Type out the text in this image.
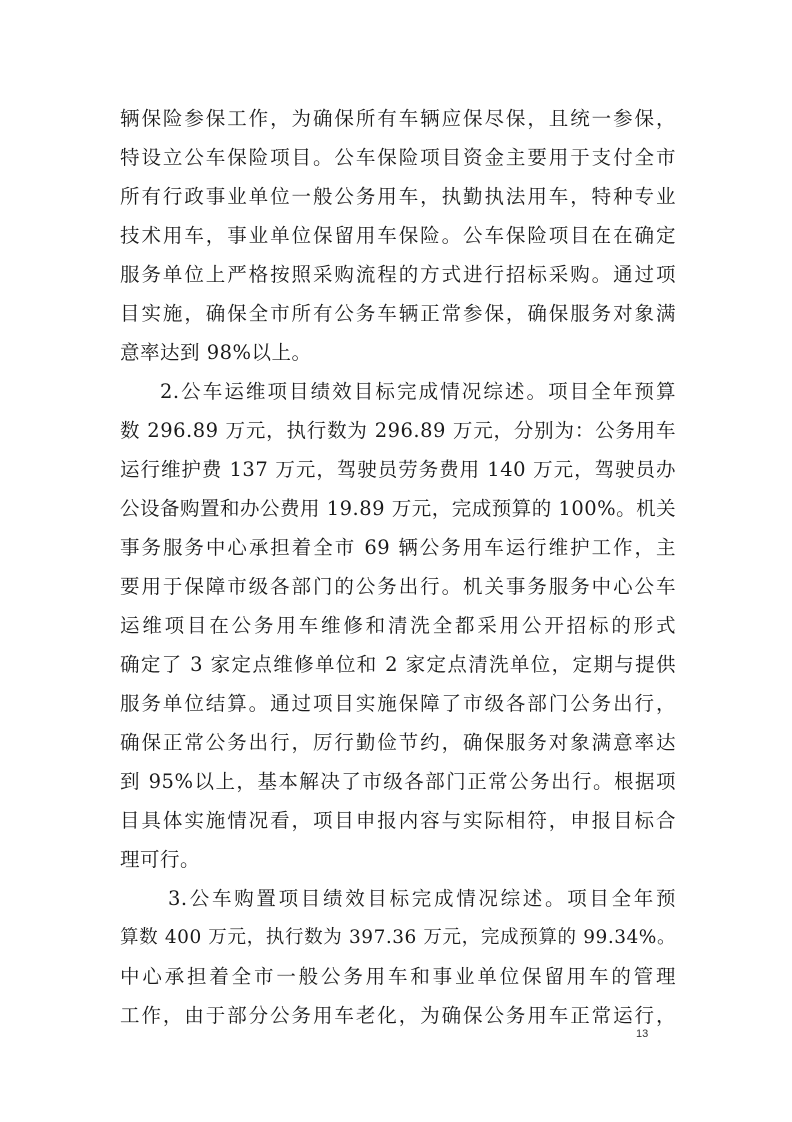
辆保险参保工作，为确保所有车辆应保尽保，且统一参保，
特设立公车保险项目。公车保险项目资金主要用于支付全市
所有行政事业单位一般公务用车，执勤执法用车，特种专业
技术用车，事业单位保留用车保险。公车保险项目在在确定
服务单位上严格按照采购流程的方式进行招标采购。通过项
目实施，确保全市所有公务车辆正常参保，确保服务对象满
意率达到 98%以上。
2.公车运维项目绩效目标完成情况综述。项目全年预算
数 296.89 万元，执行数为 296.89 万元，分别为：公务用车
运行维护费 137 万元，驾驶员劳务费用 140 万元，驾驶员办
公设备购置和办公费用 19.89 万元，完成预算的 100%。机关
事务服务中心承担着全市 69 辆公务用车运行维护工作，主
要用于保障市级各部门的公务出行。机关事务服务中心公车
运维项目在公务用车维修和清洗全都采用公开招标的形式
确定了 3 家定点维修单位和 2 家定点清洗单位，定期与提供
服务单位结算。通过项目实施保障了市级各部门公务出行，
确保正常公务出行，厉行勤俭节约，确保服务对象满意率达
到 95%以上，基本解决了市级各部门正常公务出行。根据项
目具体实施情况看，项目申报内容与实际相符，申报目标合
理可行。
3.公车购置项目绩效目标完成情况综述。项目全年预
算数 400 万元，执行数为 397.36 万元，完成预算的 99.34%。
中心承担着全市一般公务用车和事业单位保留用车的管理
工作，由于部分公务用车老化，为确保公务用车正常运行，
13
